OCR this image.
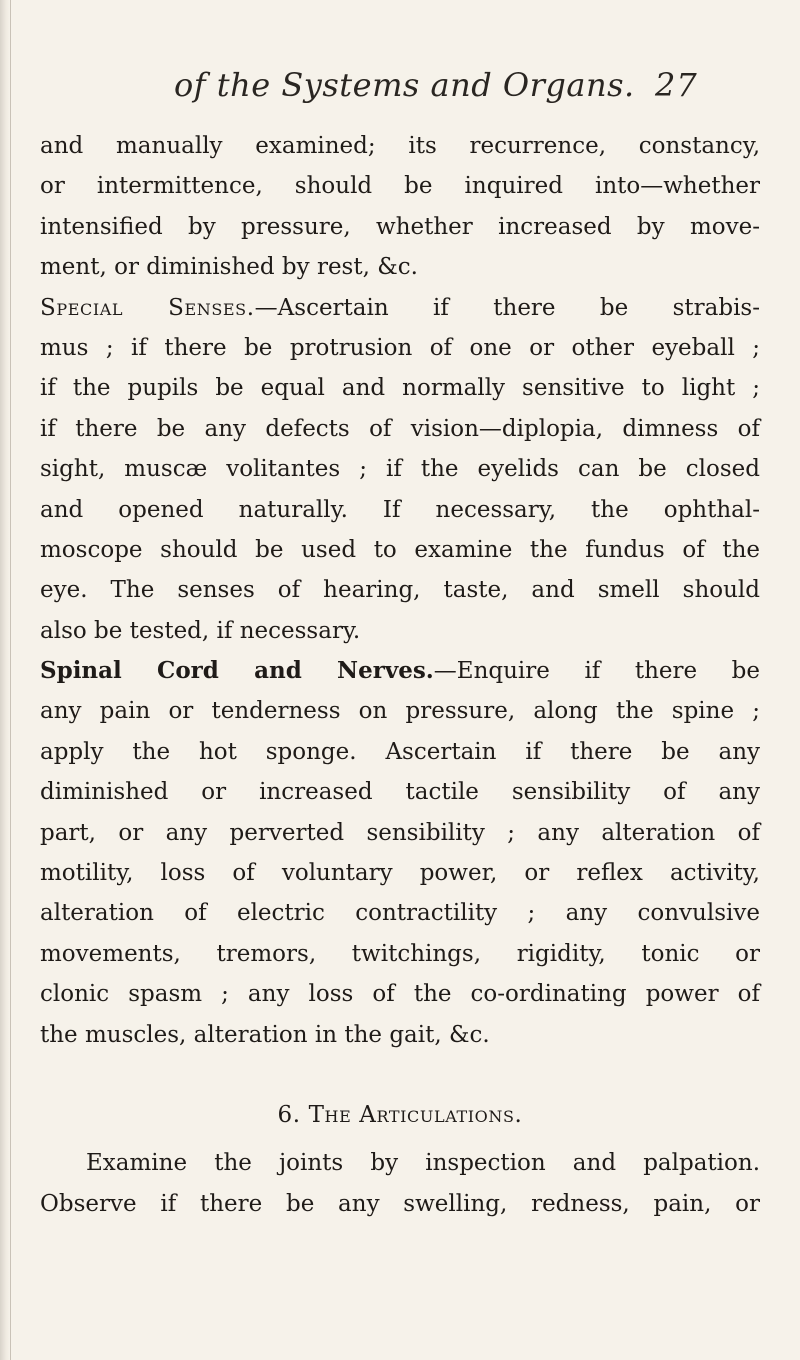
of the Systems and Organs. 27
and manually examined; its recurrence, constancy,
or intermittence, should be inquired into—whether
intensified by pressure, whether increased by move-
ment, or diminished by rest, &c.
Special Senses.—Ascertain if there be strabis-
mus ; if there be protrusion of one or other eyeball ;
if the pupils be equal and normally sensitive to light ;
if there be any defects of vision—diplopia, dimness of
sight, muscæ volitantes ; if the eyelids can be closed
and opened naturally. If necessary, the ophthal-
moscope should be used to examine the fundus of the
eye. The senses of hearing, taste, and smell should
also be tested, if necessary.
Spinal Cord and Nerves.—Enquire if there be
any pain or tenderness on pressure, along the spine ;
apply the hot sponge. Ascertain if there be any
diminished or increased tactile sensibility of any
part, or any perverted sensibility ; any alteration of
motility, loss of voluntary power, or reflex activity,
alteration of electric contractility ; any convulsive
movements, tremors, twitchings, rigidity, tonic or
clonic spasm ; any loss of the co-ordinating power of
the muscles, alteration in the gait, &c.
6. The Articulations.
Examine the joints by inspection and palpation.
Observe if there be any swelling, redness, pain, or
